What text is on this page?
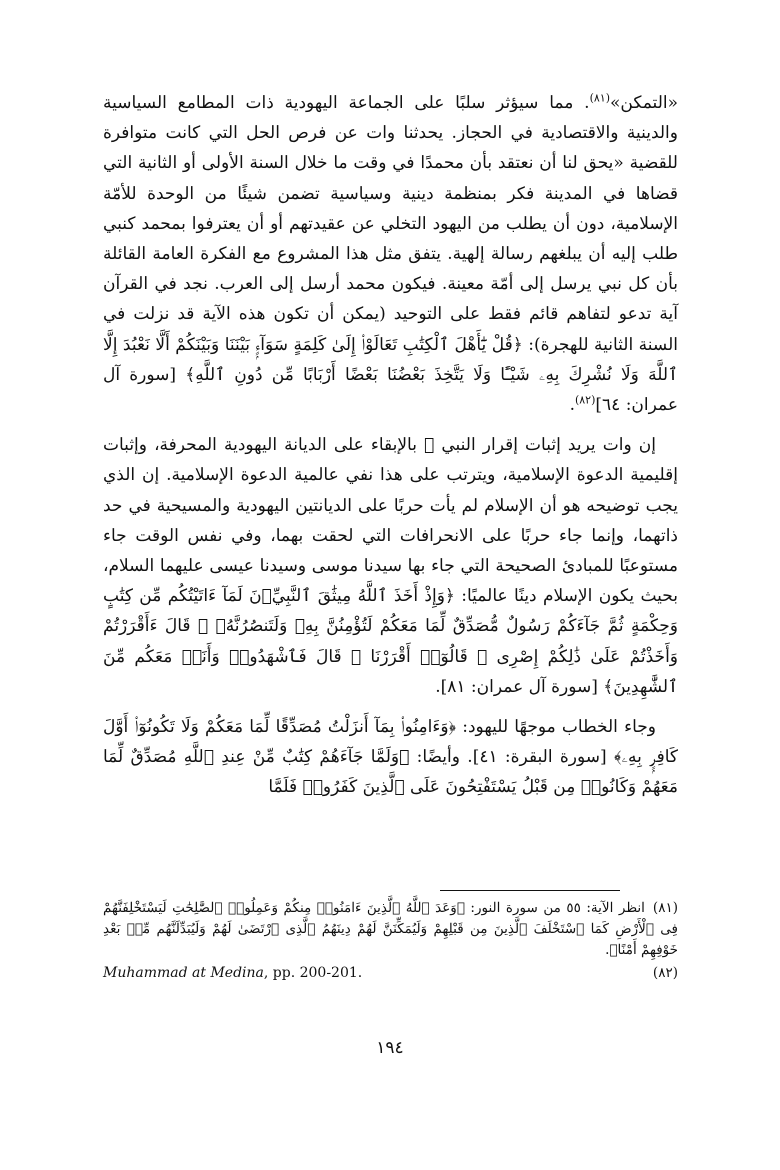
«التمكن»$^{(٨١)}$. مما سيؤثر سلبًا على الجماعة اليهودية ذات المطامع السياسية والدينية والاقتصادية في الحجاز. يحدثنا وات عن فرص الحل التي كانت متوافرة للقضية «يحق لنا أن نعتقد بأن محمدًا في وقت ما خلال السنة الأولى أو الثانية التي قضاها في المدينة فكر بمنظمة دينية وسياسية تضمن شيئًا من الوحدة للأمّة الإسلامية، دون أن يطلب من اليهود التخلي عن عقيدتهم أو أن يعترفوا بمحمد كنبي طلب إليه أن يبلغهم رسالة إلهية. يتفق مثل هذا المشروع مع الفكرة العامة القائلة بأن كل نبي يرسل إلى أمّة معينة. فيكون محمد أرسل إلى العرب. نجد في القرآن آية تدعو لتفاهم قائم فقط على التوحيد (يمكن أن تكون هذه الآية قد نزلت في السنة الثانية للهجرة): ﴿قُلْ يَٰٓأَهْلَ ٱلْكِتَٰبِ تَعَالَوْا۟ إِلَىٰ كَلِمَةٍ سَوَآءٍۭ بَيْنَنَا وَبَيْنَكُمْ أَلَّا نَعْبُدَ إِلَّا ٱللَّهَ وَلَا نُشْرِكَ بِهِۦ شَيْـًٔا وَلَا يَتَّخِذَ بَعْضُنَا بَعْضًا أَرْبَابًا مِّن دُونِ ٱللَّهِ﴾ [سورة آل عمران: ٦٤]$^{(٨٢)}$.

إن وات يريد إثبات إقرار النبي ﷺ بالإبقاء على الديانة اليهودية المحرفة، وإثبات إقليمية الدعوة الإسلامية، ويترتب على هذا نفي عالمية الدعوة الإسلامية. إن الذي يجب توضيحه هو أن الإسلام لم يأت حربًا على الديانتين اليهودية والمسيحية في حد ذاتهما، وإنما جاء حربًا على الانحرافات التي لحقت بهما، وفي نفس الوقت جاء مستوعبًا للمبادئ الصحيحة التي جاء بها سيدنا موسى وسيدنا عيسى عليهما السلام، بحيث يكون الإسلام دينًا عالميًا: ﴿وَإِذْ أَخَذَ ٱللَّهُ مِيثَٰقَ ٱلنَّبِيِّۦنَ لَمَآ ءَاتَيْتُكُم مِّن كِتَٰبٍ وَحِكْمَةٍ ثُمَّ جَآءَكُمْ رَسُولٌ مُّصَدِّقٌ لِّمَا مَعَكُمْ لَتُؤْمِنُنَّ بِهِۦ وَلَتَنصُرُنَّهُۥ ۚ قَالَ ءَأَقْرَرْتُمْ وَأَخَذْتُمْ عَلَىٰ ذَٰلِكُمْ إِصْرِى ۖ قَالُوٓا۟ أَقْرَرْنَا ۚ قَالَ فَٱشْهَدُوا۟ وَأَنَا۠ مَعَكُم مِّنَ ٱلشَّٰهِدِينَ﴾ [سورة آل عمران: ٨١].

وجاء الخطاب موجهًا لليهود: ﴿وَءَامِنُوا۟ بِمَآ أَنزَلْتُ مُصَدِّقًا لِّمَا مَعَكُمْ وَلَا تَكُونُوٓا۟ أَوَّلَ كَافِرٍۭ بِهِۦ﴾ [سورة البقرة: ٤١]. وأيضًا: ﴿وَلَمَّا جَآءَهُمْ كِتَٰبٌ مِّنْ عِندِ ٱللَّهِ مُصَدِّقٌ لِّمَا مَعَهُمْ وَكَانُوا۟ مِن قَبْلُ يَسْتَفْتِحُونَ عَلَى ٱلَّذِينَ كَفَرُوا۟ فَلَمَّا

(٨١)انظر الآية: ٥٥ من سورة النور: ﴿وَعَدَ ٱللَّهُ ٱلَّذِينَ ءَامَنُوا۟ مِنكُمْ وَعَمِلُوا۟ ٱلصَّٰلِحَٰتِ لَيَسْتَخْلِفَنَّهُمْ فِى ٱلْأَرْضِ كَمَا ٱسْتَخْلَفَ ٱلَّذِينَ مِن قَبْلِهِمْ وَلَيُمَكِّنَنَّ لَهُمْ دِينَهُمُ ٱلَّذِى ٱرْتَضَىٰ لَهُمْ وَلَيُبَدِّلَنَّهُم مِّنۢ بَعْدِ خَوْفِهِمْ أَمْنًا﴾.

Muhammad at Medina, pp. 200-201.	(٨٢)
١٩٤
